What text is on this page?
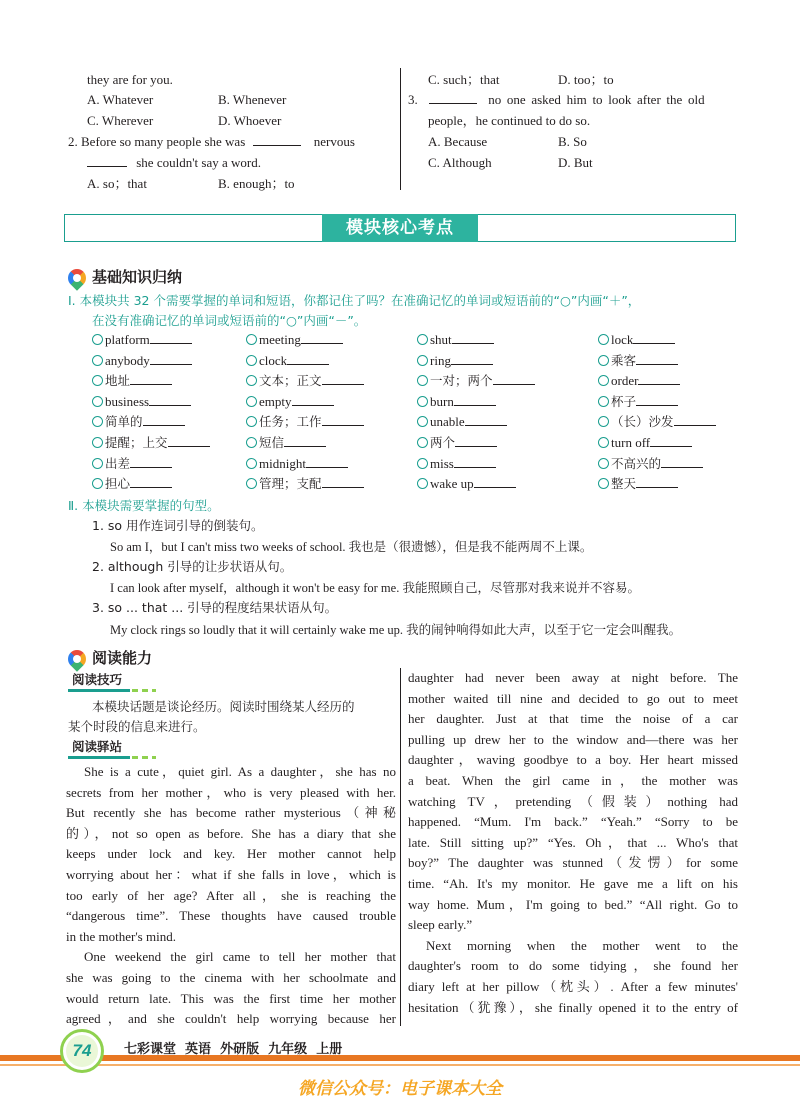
they are for you.
A. Whatever	B. Whenever
C. Wherever	D. Whoever
2. Before so many people she was	nervous
she couldn't say a word.
A. so；that	B. enough；to
C. such；that	D. too；to
3.	no one asked him to look after the old
people，he continued to do so.
A. Because	B. So
C. Although	D. But
模块核心考点
基础知识归纳
Ⅰ. 本模块共 32 个需要掌握的单词和短语，你都记住了吗？在准确记忆的单词或短语前的“○”内画“＋”，
在没有准确记忆的单词或短语前的“○”内画“－”。
platform	meeting	shut	lock
anybody	clock	ring	乘客
地址	文本；正文	一对；两个	order
business	empty	burn	杯子
简单的	任务；工作	unable	（长）沙发
提醒；上交	短信	两个	turn off
出差	midnight	miss	不高兴的
担心	管理；支配	wake up	整天
Ⅱ. 本模块需要掌握的句型。
1. so 用作连词引导的倒装句。
So am I，but I can't miss two weeks of school. 我也是（很遗憾），但是我不能两周不上课。
2. although 引导的让步状语从句。
I can look after myself，although it won't be easy for me. 我能照顾自己，尽管那对我来说并不容易。
3. so ... that ... 引导的程度结果状语从句。
My clock rings so loudly that it will certainly wake me up. 我的闹钟响得如此大声，以至于它一定会叫醒我。
阅读能力
阅读技巧
本模块话题是谈论经历。阅读时围绕某人经历的
某个时段的信息来进行。
阅读驿站
She is a cute，quiet girl. As a daughter，she has no
secrets from her mother，who is very pleased with her.
But recently she has become rather mysterious（神秘
的），not so open as before. She has a diary that she
keeps under lock and key. Her mother cannot help
worrying about her：what if she falls in love，which is
too early of her age? After all，she is reaching the
“dangerous time”. These thoughts have caused trouble
in the mother's mind.
One weekend the girl came to tell her mother that
she was going to the cinema with her schoolmate and
would return late. This was the first time her mother
agreed，and she couldn't help worrying because her
daughter had never been away at night before. The
mother waited till nine and decided to go out to meet
her daughter. Just at that time the noise of a car
pulling up drew her to the window and—there was her
daughter，waving goodbye to a boy. Her heart missed
a beat. When the girl came in，the mother was
watching TV，pretending（假装）nothing had
happened. “Mum. I'm back.” “Yeah.” “Sorry to be
late. Still sitting up?” “Yes. Oh，that ... Who's that
boy?” The daughter was stunned（发愣）for some
time. “Ah. It's my monitor. He gave me a lift on his
way home. Mum，I'm going to bed.” “All right. Go to
sleep early.”
Next morning when the mother went to the
daughter's room to do some tidying，she found her
diary left at her pillow（枕头）. After a few minutes'
hesitation（犹豫），she finally opened it to the entry of
74	七彩课堂  英语  外研版  九年级  上册
微信公众号：电子课本大全
